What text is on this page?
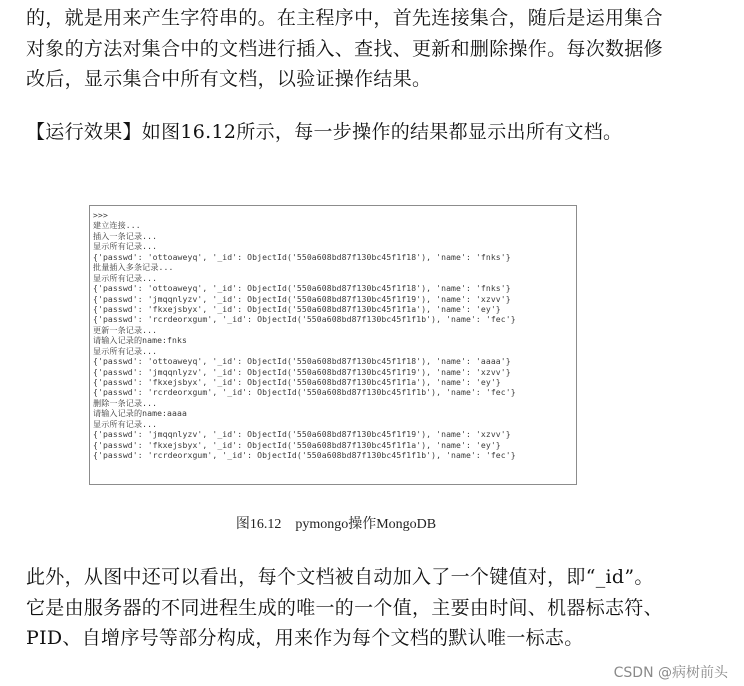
的，就是用来产生字符串的。在主程序中，首先连接集合，随后是运用集合对象的方法对集合中的文档进行插入、查找、更新和删除操作。每次数据修改后，显示集合中所有文档，以验证操作结果。

【运行效果】如图16.12所示，每一步操作的结果都显示出所有文档。

>>>
建立连接...
插入一条记录...
显示所有记录...
{'passwd': 'ottoaweyq', '_id': ObjectId('550a608bd87f130bc45f1f18'), 'name': 'fnks'}
批量插入多条记录...
显示所有记录...
{'passwd': 'ottoaweyq', '_id': ObjectId('550a608bd87f130bc45f1f18'), 'name': 'fnks'}
{'passwd': 'jmqqnlyzv', '_id': ObjectId('550a608bd87f130bc45f1f19'), 'name': 'xzvv'}
{'passwd': 'fkxejsbyx', '_id': ObjectId('550a608bd87f130bc45f1f1a'), 'name': 'ey'}
{'passwd': 'rcrdeorxgum', '_id': ObjectId('550a608bd87f130bc45f1f1b'), 'name': 'fec'}
更新一条记录...
请输入记录的name:fnks
显示所有记录...
{'passwd': 'ottoaweyq', '_id': ObjectId('550a608bd87f130bc45f1f18'), 'name': 'aaaa'}
{'passwd': 'jmqqnlyzv', '_id': ObjectId('550a608bd87f130bc45f1f19'), 'name': 'xzvv'}
{'passwd': 'fkxejsbyx', '_id': ObjectId('550a608bd87f130bc45f1f1a'), 'name': 'ey'}
{'passwd': 'rcrdeorxgum', '_id': ObjectId('550a608bd87f130bc45f1f1b'), 'name': 'fec'}
删除一条记录...
请输入记录的name:aaaa
显示所有记录...
{'passwd': 'jmqqnlyzv', '_id': ObjectId('550a608bd87f130bc45f1f19'), 'name': 'xzvv'}
{'passwd': 'fkxejsbyx', '_id': ObjectId('550a608bd87f130bc45f1f1a'), 'name': 'ey'}
{'passwd': 'rcrdeorxgum', '_id': ObjectId('550a608bd87f130bc45f1f1b'), 'name': 'fec'}
图16.12　pymongo操作MongoDB

此外，从图中还可以看出，每个文档被自动加入了一个键值对，即“_id”。它是由服务器的不同进程生成的唯一的一个值，主要由时间、机器标志符、PID、自增序号等部分构成，用来作为每个文档的默认唯一标志。

CSDN @病树前头
